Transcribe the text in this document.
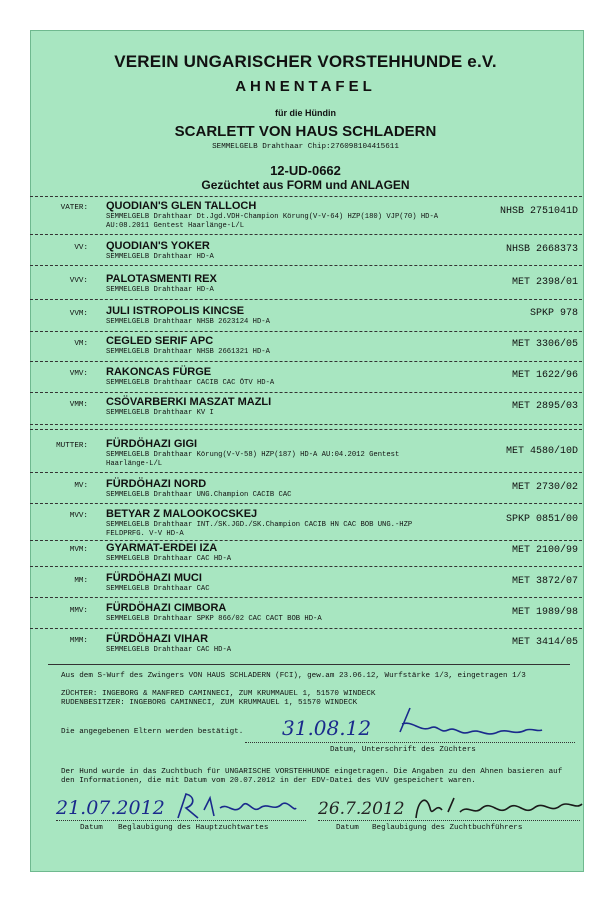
VEREIN UNGARISCHER VORSTEHHUNDE e.V.
AHNENTAFEL
für die Hündin
SCARLETT VON HAUS SCHLADERN
SEMMELGELB Drahthaar Chip:276098104415611
12-UD-0662
Gezüchtet aus FORM und ANLAGEN
VATER: QUODIAN'S GLEN TALLOCH
SEMMELGELB Drahthaar Dt.Jgd.VDH-Champion Körung(V-V-64) HZP(180) VJP(70) HD-A
AU:08.2011 Gentest Haarlänge-L/L
NHSB 2751041D
VV: QUODIAN'S YOKER
SEMMELGELB Drahthaar HD-A
NHSB 2668373
VVV: PALOTASMENTI REX
SEMMELGELB Drahthaar HD-A
MET 2398/01
VVM: JULI ISTROPOLIS KINCSE
SEMMELGELB Drahthaar NHSB 2623124 HD-A
SPKP 978
VM: CEGLED SERIF APC
SEMMELGELB Drahthaar NHSB 2661321 HD-A
MET 3306/05
VMV: RAKONCAS FÜRGE
SEMMELGELB Drahthaar CACIB CAC ÖTV HD-A
MET 1622/96
VMM: CSÖVARBERKI MASZAT MAZLI
SEMMELGELB Drahthaar KV I
MET 2895/03
MUTTER: FÜRDÖHAZI GIGI
SEMMELGELB Drahthaar Körung(V-V-58) HZP(187) HD-A AU:04.2012 Gentest
Haarlänge-L/L
MET 4580/10D
MV: FÜRDÖHAZI NORD
SEMMELGELB Drahthaar UNG.Champion CACIB CAC
MET 2730/02
MVV: BETYAR Z MALOOKOCSKEJ
SEMMELGELB Drahthaar INT./SK.JGD./SK.Champion CACIB HN CAC BOB UNG.-HZP
FELDPRFG. V-V HD-A
SPKP 0851/00
MVM: GYARMAT-ERDEI IZA
SEMMELGELB Drahthaar CAC HD-A
MET 2100/99
MM: FÜRDÖHAZI MUCI
SEMMELGELB Drahthaar CAC
MET 3872/07
MMV: FÜRDÖHAZI CIMBORA
SEMMELGELB Drahthaar SPKP 866/02 CAC CACT BOB HD-A
MET 1989/98
MMM: FÜRDÖHAZI VIHAR
SEMMELGELB Drahthaar CAC HD-A
MET 3414/05
Aus dem S-Wurf des Zwingers VON HAUS SCHLADERN (FCI), gew.am 23.06.12, Wurfstärke 1/3, eingetragen 1/3
ZÜCHTER: INGEBORG & MANFRED CAMINNECI, ZUM KRUMMAUEL 1, 51570 WINDECK
RUDENBESITZER: INGEBORG CAMINNECI, ZUM KRUMMAUEL 1, 51570 WINDECK
Die angegebenen Eltern werden bestätigt. 31.08.12
Datum, Unterschrift des Züchters
Der Hund wurde in das Zuchtbuch für UNGARISCHE VORSTEHHUNDE eingetragen. Die Angaben zu den Ahnen basieren auf
den Informationen, die mit Datum vom 20.07.2012 in der EDV-Datei des VUV gespeichert waren.
21.07.2012	26.7.2012
Datum Beglaubigung des Hauptzuchtwartes	Datum Beglaubigung des Zuchtbuchführers
